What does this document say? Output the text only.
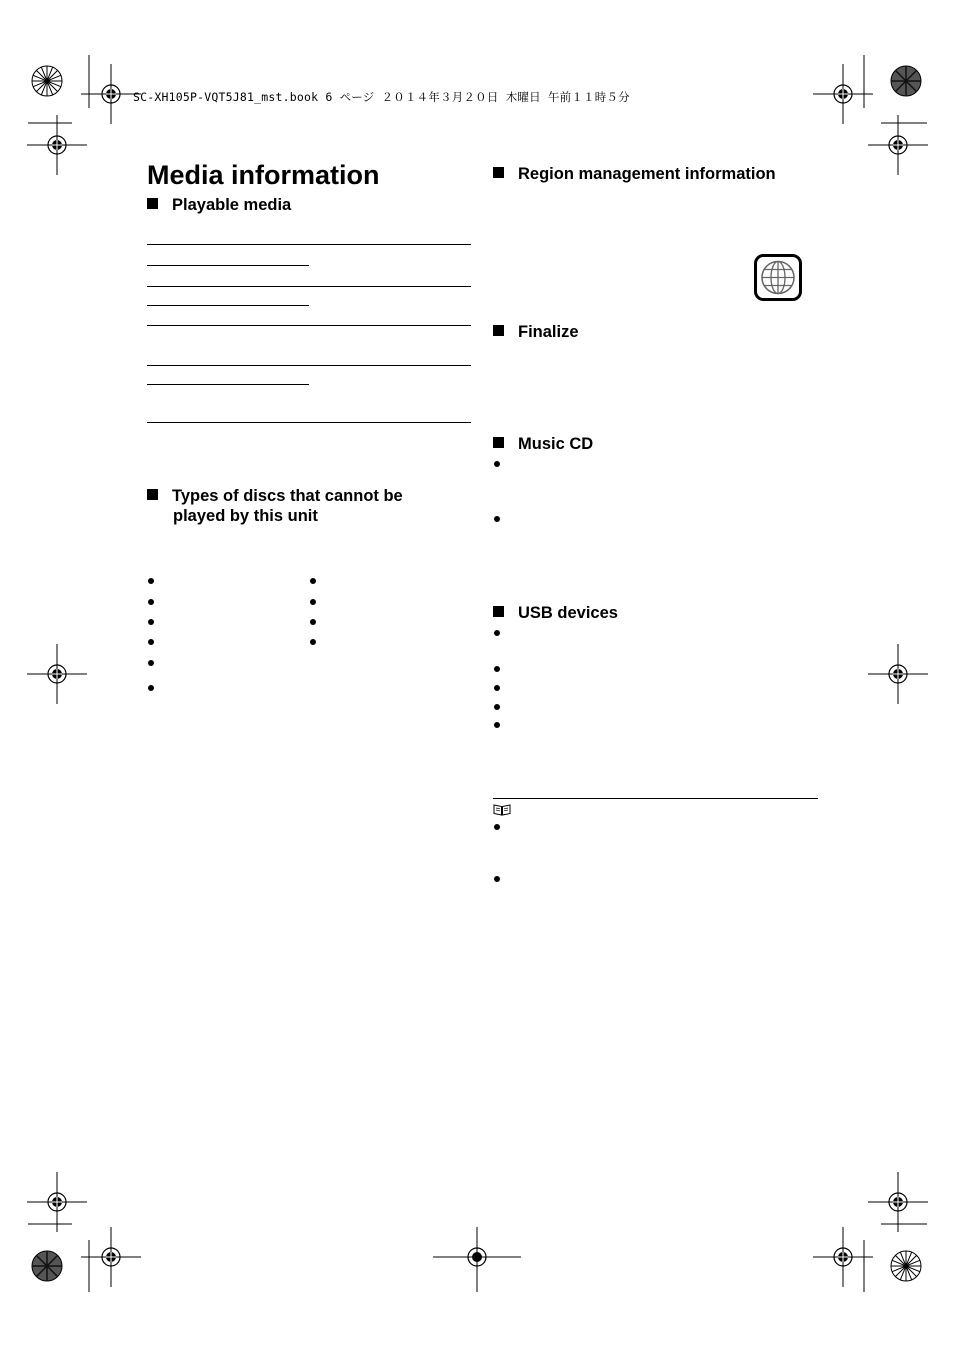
SC-XH105P-VQT5J81_mst.book 6 ページ ２０１４年３月２０日 木曜日 午前１１時５分
Media information
Playable media
Types of discs that cannot be
played by this unit
Region management information
Finalize
Music CD
USB devices
